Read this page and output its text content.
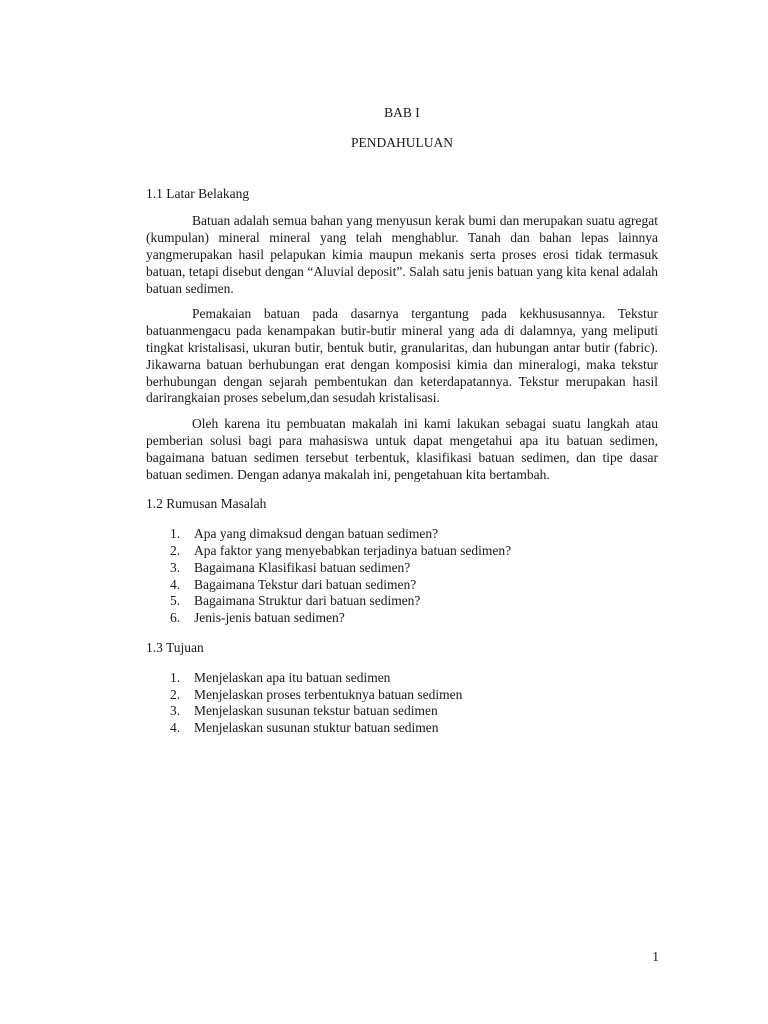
BAB I

PENDAHULUAN

1.1 Latar Belakang

Batuan adalah semua bahan yang menyusun kerak bumi dan merupakan suatu agregat (kumpulan) mineral mineral yang telah menghablur. Tanah dan bahan lepas lainnya yangmerupakan hasil pelapukan kimia maupun mekanis serta proses erosi tidak termasuk batuan, tetapi disebut dengan “Aluvial deposit”. Salah satu jenis batuan yang kita kenal adalah batuan sedimen.

Pemakaian batuan pada dasarnya tergantung pada kekhususannya. Tekstur batuanmengacu pada kenampakan butir-butir mineral yang ada di dalamnya, yang meliputi tingkat kristalisasi, ukuran butir, bentuk butir, granularitas, dan hubungan antar butir (fabric). Jikawarna batuan berhubungan erat dengan komposisi kimia dan mineralogi, maka tekstur berhubungan dengan sejarah pembentukan dan keterdapatannya. Tekstur merupakan hasil darirangkaian proses sebelum,dan sesudah kristalisasi.

Oleh karena itu pembuatan makalah ini kami lakukan sebagai suatu langkah atau pemberian solusi bagi para mahasiswa untuk dapat mengetahui apa itu batuan sedimen, bagaimana batuan sedimen tersebut terbentuk, klasifikasi batuan sedimen, dan tipe dasar batuan sedimen. Dengan adanya makalah ini, pengetahuan kita bertambah.

1.2 Rumusan Masalah

1.	Apa yang dimaksud dengan batuan sedimen?
2.	Apa faktor yang menyebabkan terjadinya batuan sedimen?
3.	Bagaimana Klasifikasi batuan sedimen?
4.	Bagaimana Tekstur dari batuan sedimen?
5.	Bagaimana Struktur dari batuan sedimen?
6.	Jenis-jenis batuan sedimen?

1.3 Tujuan

1.	Menjelaskan apa itu batuan sedimen
2.	Menjelaskan proses terbentuknya batuan sedimen
3.	Menjelaskan susunan tekstur batuan sedimen
4.	Menjelaskan susunan stuktur batuan sedimen
1
